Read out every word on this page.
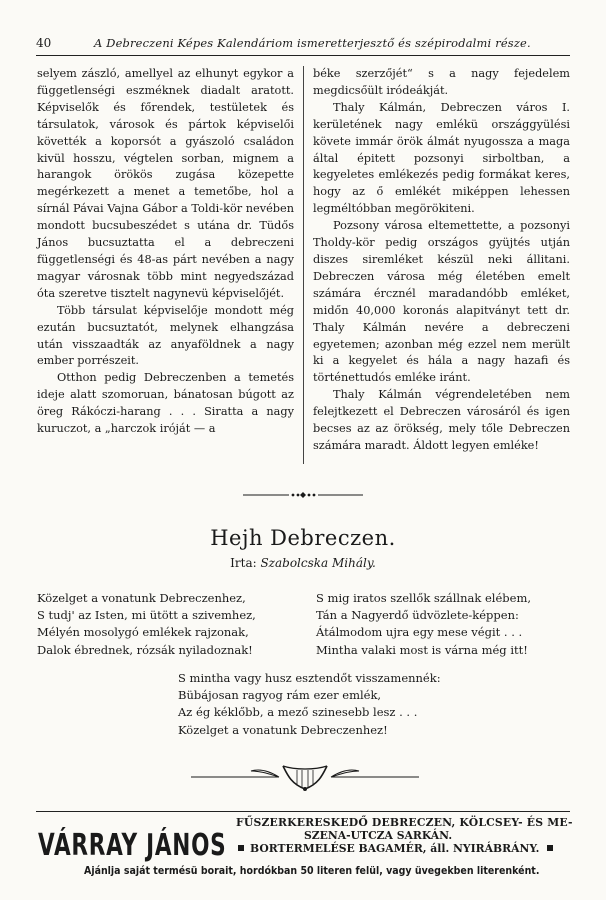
40	A Debreczeni Képes Kalendáriom ismeretterjesztő és szépirodalmi része.

selyem zászló, amellyel az elhunyt egykor a függetlenségi eszméknek diadalt aratott. Képviselők és főrendek, testületek és társulatok, városok és pártok képviselői követték a koporsót a gyászoló családon kivül hosszu, végtelen sorban, mignem a harangok örökös zugása közepette megérkezett a menet a temetőbe, hol a sírnál Pávai Vajna Gábor a Toldi-kör nevében mondott bucsubeszédet s utána dr. Tüdős János bucsuztatta el a debreczeni függetlenségi és 48-as párt nevében a nagy magyar városnak több mint negyedszázad óta szeretve tisztelt nagynevü képviselőjét.

Több társulat képviselője mondott még ezután bucsuztatót, melynek elhangzása után visszaadták az anyaföldnek a nagy ember porrészeit.

Otthon pedig Debreczenben a temetés ideje alatt szomoruan, bánatosan búgott az öreg Rákóczi-harang . . . Siratta a nagy kuruczot, a „harczok iróját — a

béke szerzőjét“ s a nagy fejedelem megdicsőült iródeákját.

Thaly Kálmán, Debreczen város I. kerületének nagy emlékü országgyülési követe immár örök álmát nyugossza a maga által épitett pozsonyi sirboltban, a kegyeletes emlékezés pedig formákat keres, hogy az ő emlékét miképpen lehessen legméltóbban megörökiteni.

Pozsony városa eltemettette, a pozsonyi Tholdy-kör pedig országos gyüjtés utján diszes siremléket készül neki állitani. Debreczen városa még életében emelt számára ércznél maradandóbb emléket, midőn 40,000 koronás alapitványt tett dr. Thaly Kálmán nevére a debreczeni egyetemen; azonban még ezzel nem merült ki a kegyelet és hála a nagy hazafi és történettudós emléke iránt.

Thaly Kálmán végrendeletében nem felejtkezett el Debreczen városáról és igen becses az az örökség, mely tőle Debreczen számára maradt. Áldott legyen emléke!

Hejh Debreczen.
Irta: Szabolcska Mihály.
Közelget a vonatunk Debreczenhez,
S tudj' az Isten, mi ütött a szivemhez,
Mélyén mosolygó emlékek rajzonak,
Dalok ébrednek, rózsák nyiladoznak!
S mig iratos szellők szállnak elébem,
Tán a Nagyerdő üdvözlete-képpen:
Átálmodom ujra egy mese végit . . .
Mintha valaki most is várna még itt!
S mintha vagy husz esztendőt visszamennék:
Bübájosan ragyog rám ezer emlék,
Az ég kéklőbb, a mező szinesebb lesz . . .
Közelget a vonatunk Debreczenhez!
VÁRRAY JÁNOS
FŰSZERKERESKEDŐ DEBRECZEN, KÖLCSEY- ÉS ME-
SZENA-UTCZA SARKÁN.
BORTERMELÉSE BAGAMÉR, áll. NYIRÁBRÁNY.
Ajánlja saját termésü borait, hordókban 50 literen felül, vagy üvegekben literenként.
